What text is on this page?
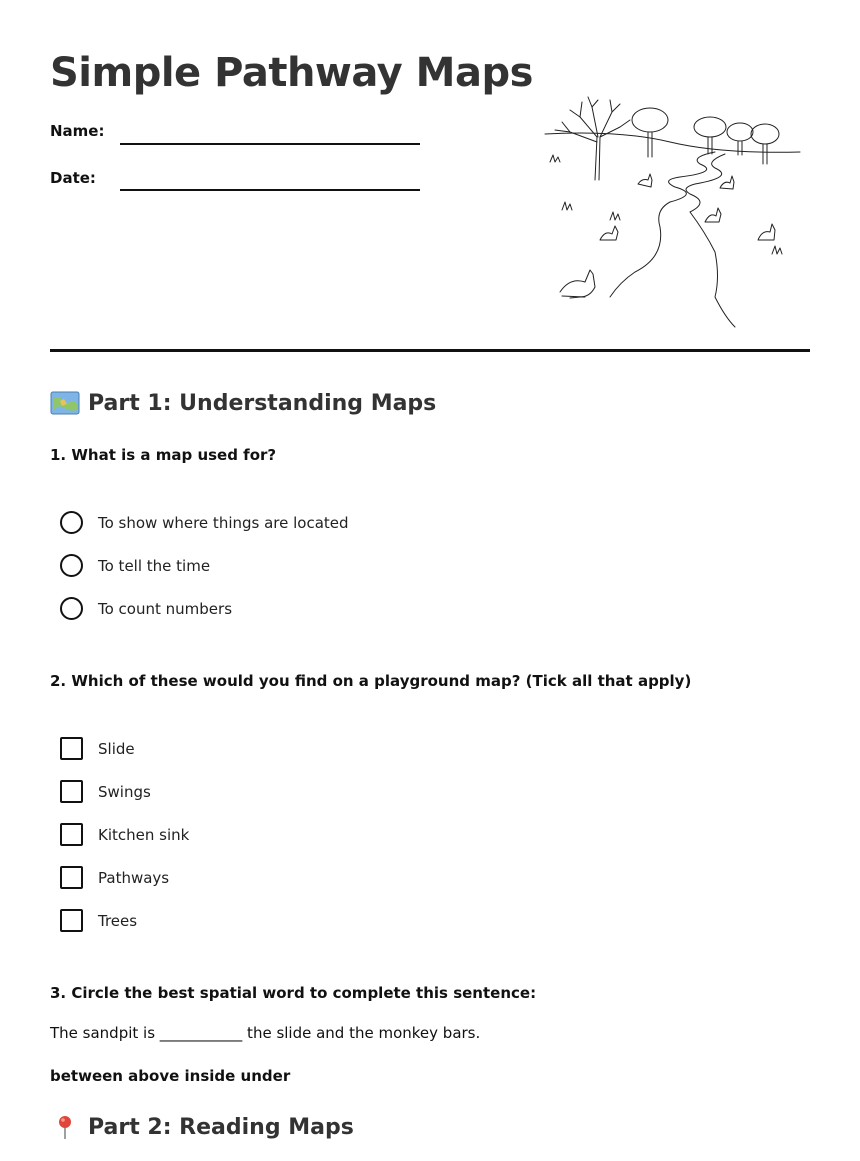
Simple Pathway Maps
Name:
Date:
Part 1: Understanding Maps
1. What is a map used for?
To show where things are located
To tell the time
To count numbers
2. Which of these would you find on a playground map? (Tick all that apply)
Slide
Swings
Kitchen sink
Pathways
Trees
3. Circle the best spatial word to complete this sentence:
The sandpit is ___________ the slide and the monkey bars.
between above inside under
Part 2: Reading Maps
